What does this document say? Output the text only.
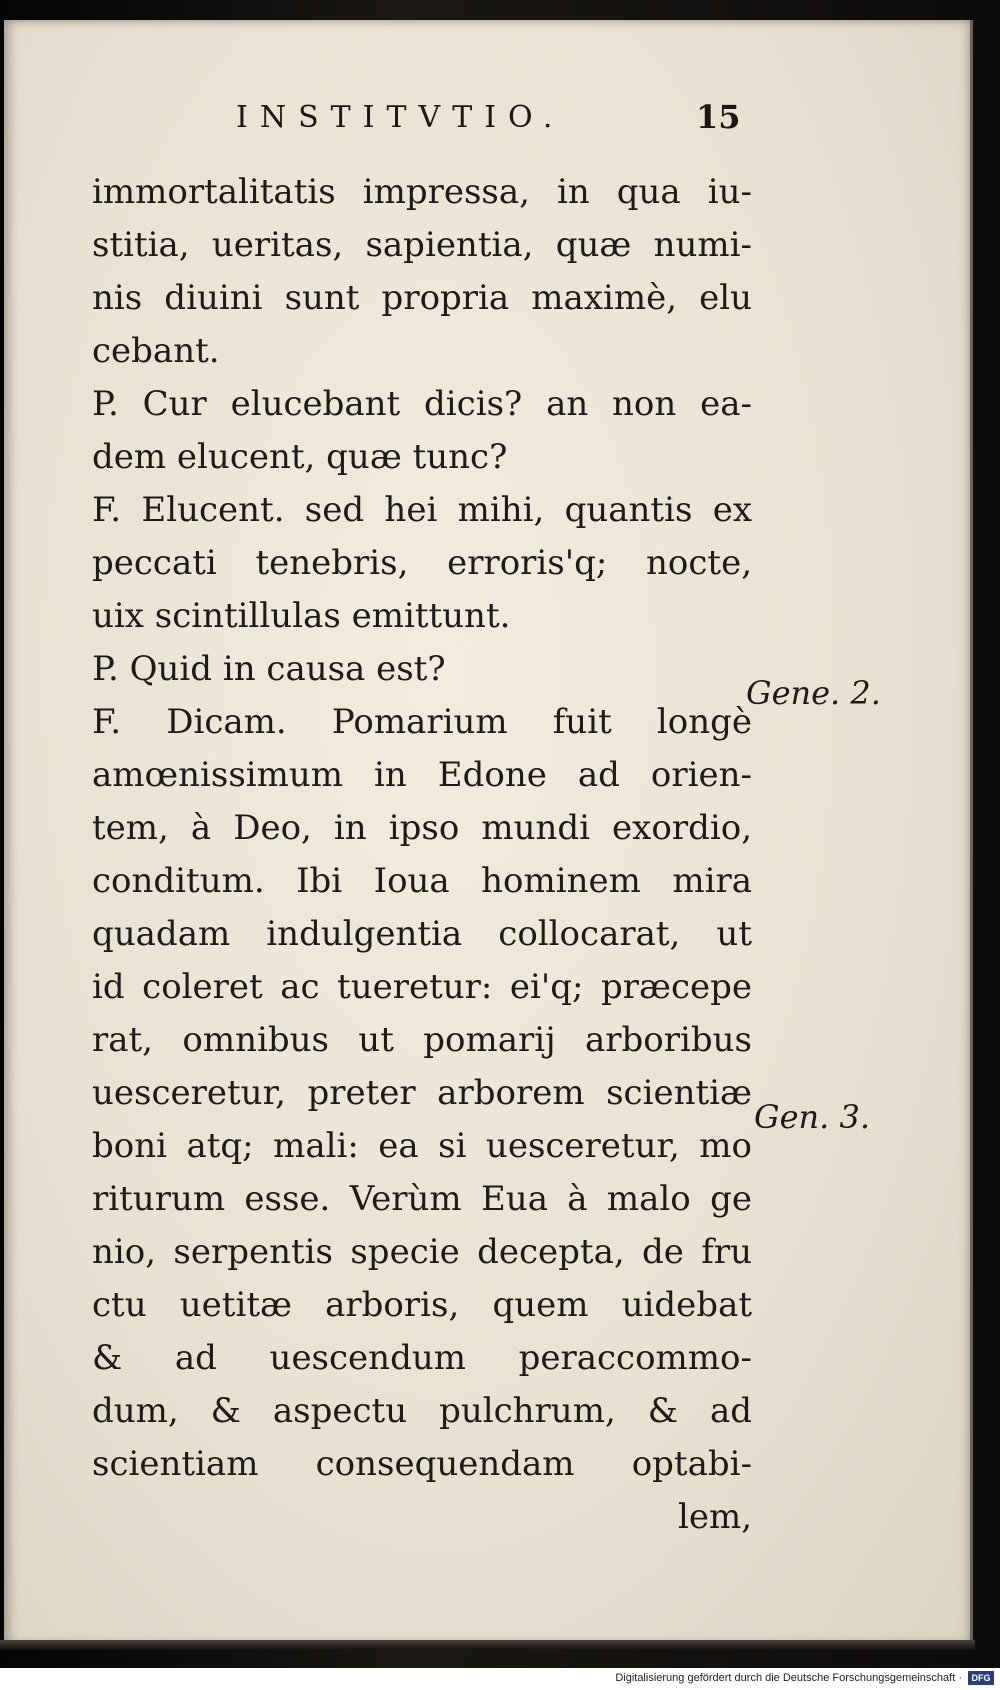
INSTITVTIO.	15
immortalitatis impressa, in qua iu-
stitia, ueritas, sapientia, quæ numi-
nis diuini sunt propria maximè, elu
cebant.
P. Cur elucebant dicis? an non ea-
dem elucent, quæ tunc?
F. Elucent. sed hei mihi, quantis ex
peccati tenebris, erroris'q; nocte,
uix scintillulas emittunt.
P. Quid in causa est?
F. Dicam. Pomarium fuit longè
amœnissimum in Edone ad orien-
tem, à Deo, in ipso mundi exordio,
conditum. Ibi Ioua hominem mira
quadam indulgentia collocarat, ut
id coleret ac tueretur: ei'q; præcepe
rat, omnibus ut pomarij arboribus
uesceretur, preter arborem scientiæ
boni atq; mali: ea si uesceretur, mo
riturum esse. Verùm Eua à malo ge
nio, serpentis specie decepta, de fru
ctu uetitæ arboris, quem uidebat
& ad uescendum peraccommo-
dum, & aspectu pulchrum, & ad
scientiam consequendam optabi-
lem,
Gene. 2.
Gen. 3.
Digitalisierung gefördert durch die Deutsche Forschungsgemeinschaft ·	DFG
